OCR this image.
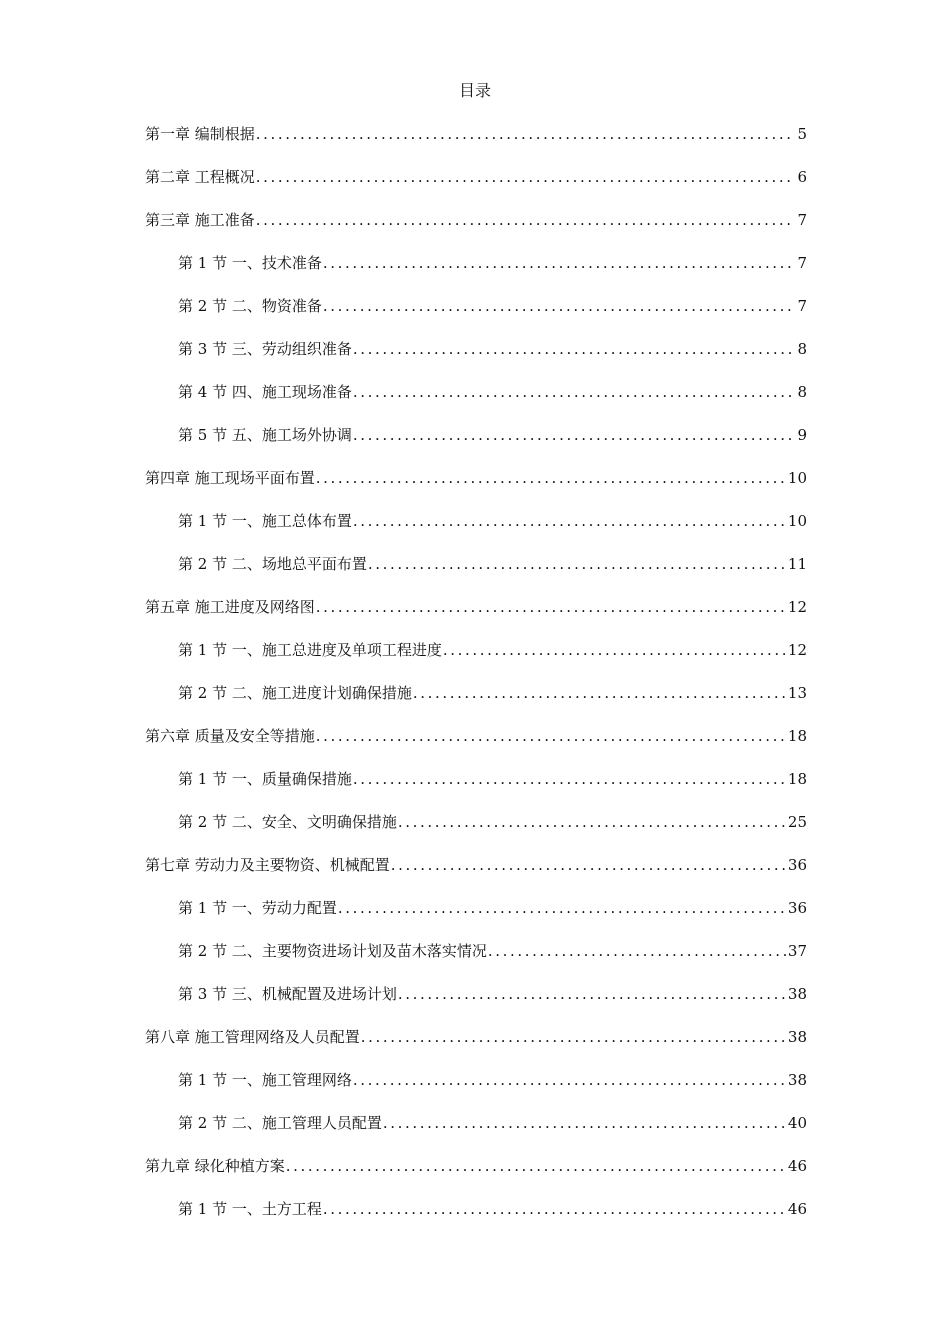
目录
第一章 编制根据 .....	5
第二章 工程概况 .....	6
第三章 施工准备 .....	7
第 1 节 一、技术准备 .....	7
第 2 节 二、物资准备 .....	7
第 3 节 三、劳动组织准备 .....	8
第 4 节 四、施工现场准备 .....	8
第 5 节 五、施工场外协调 .....	9
第四章 施工现场平面布置 .....	10
第 1 节 一、施工总体布置 .....	10
第 2 节 二、场地总平面布置 .....	11
第五章 施工进度及网络图 .....	12
第 1 节 一、施工总进度及单项工程进度 .....	12
第 2 节 二、施工进度计划确保措施 .....	13
第六章 质量及安全等措施 .....	18
第 1 节 一、质量确保措施 .....	18
第 2 节 二、安全、文明确保措施 .....	25
第七章 劳动力及主要物资、机械配置 .....	36
第 1 节 一、劳动力配置 .....	36
第 2 节 二、主要物资进场计划及苗木落实情况 .....	37
第 3 节 三、机械配置及进场计划 .....	38
第八章 施工管理网络及人员配置 .....	38
第 1 节 一、施工管理网络 .....	38
第 2 节 二、施工管理人员配置 .....	40
第九章 绿化种植方案 .....	46
第 1 节 一、土方工程 .....	46
